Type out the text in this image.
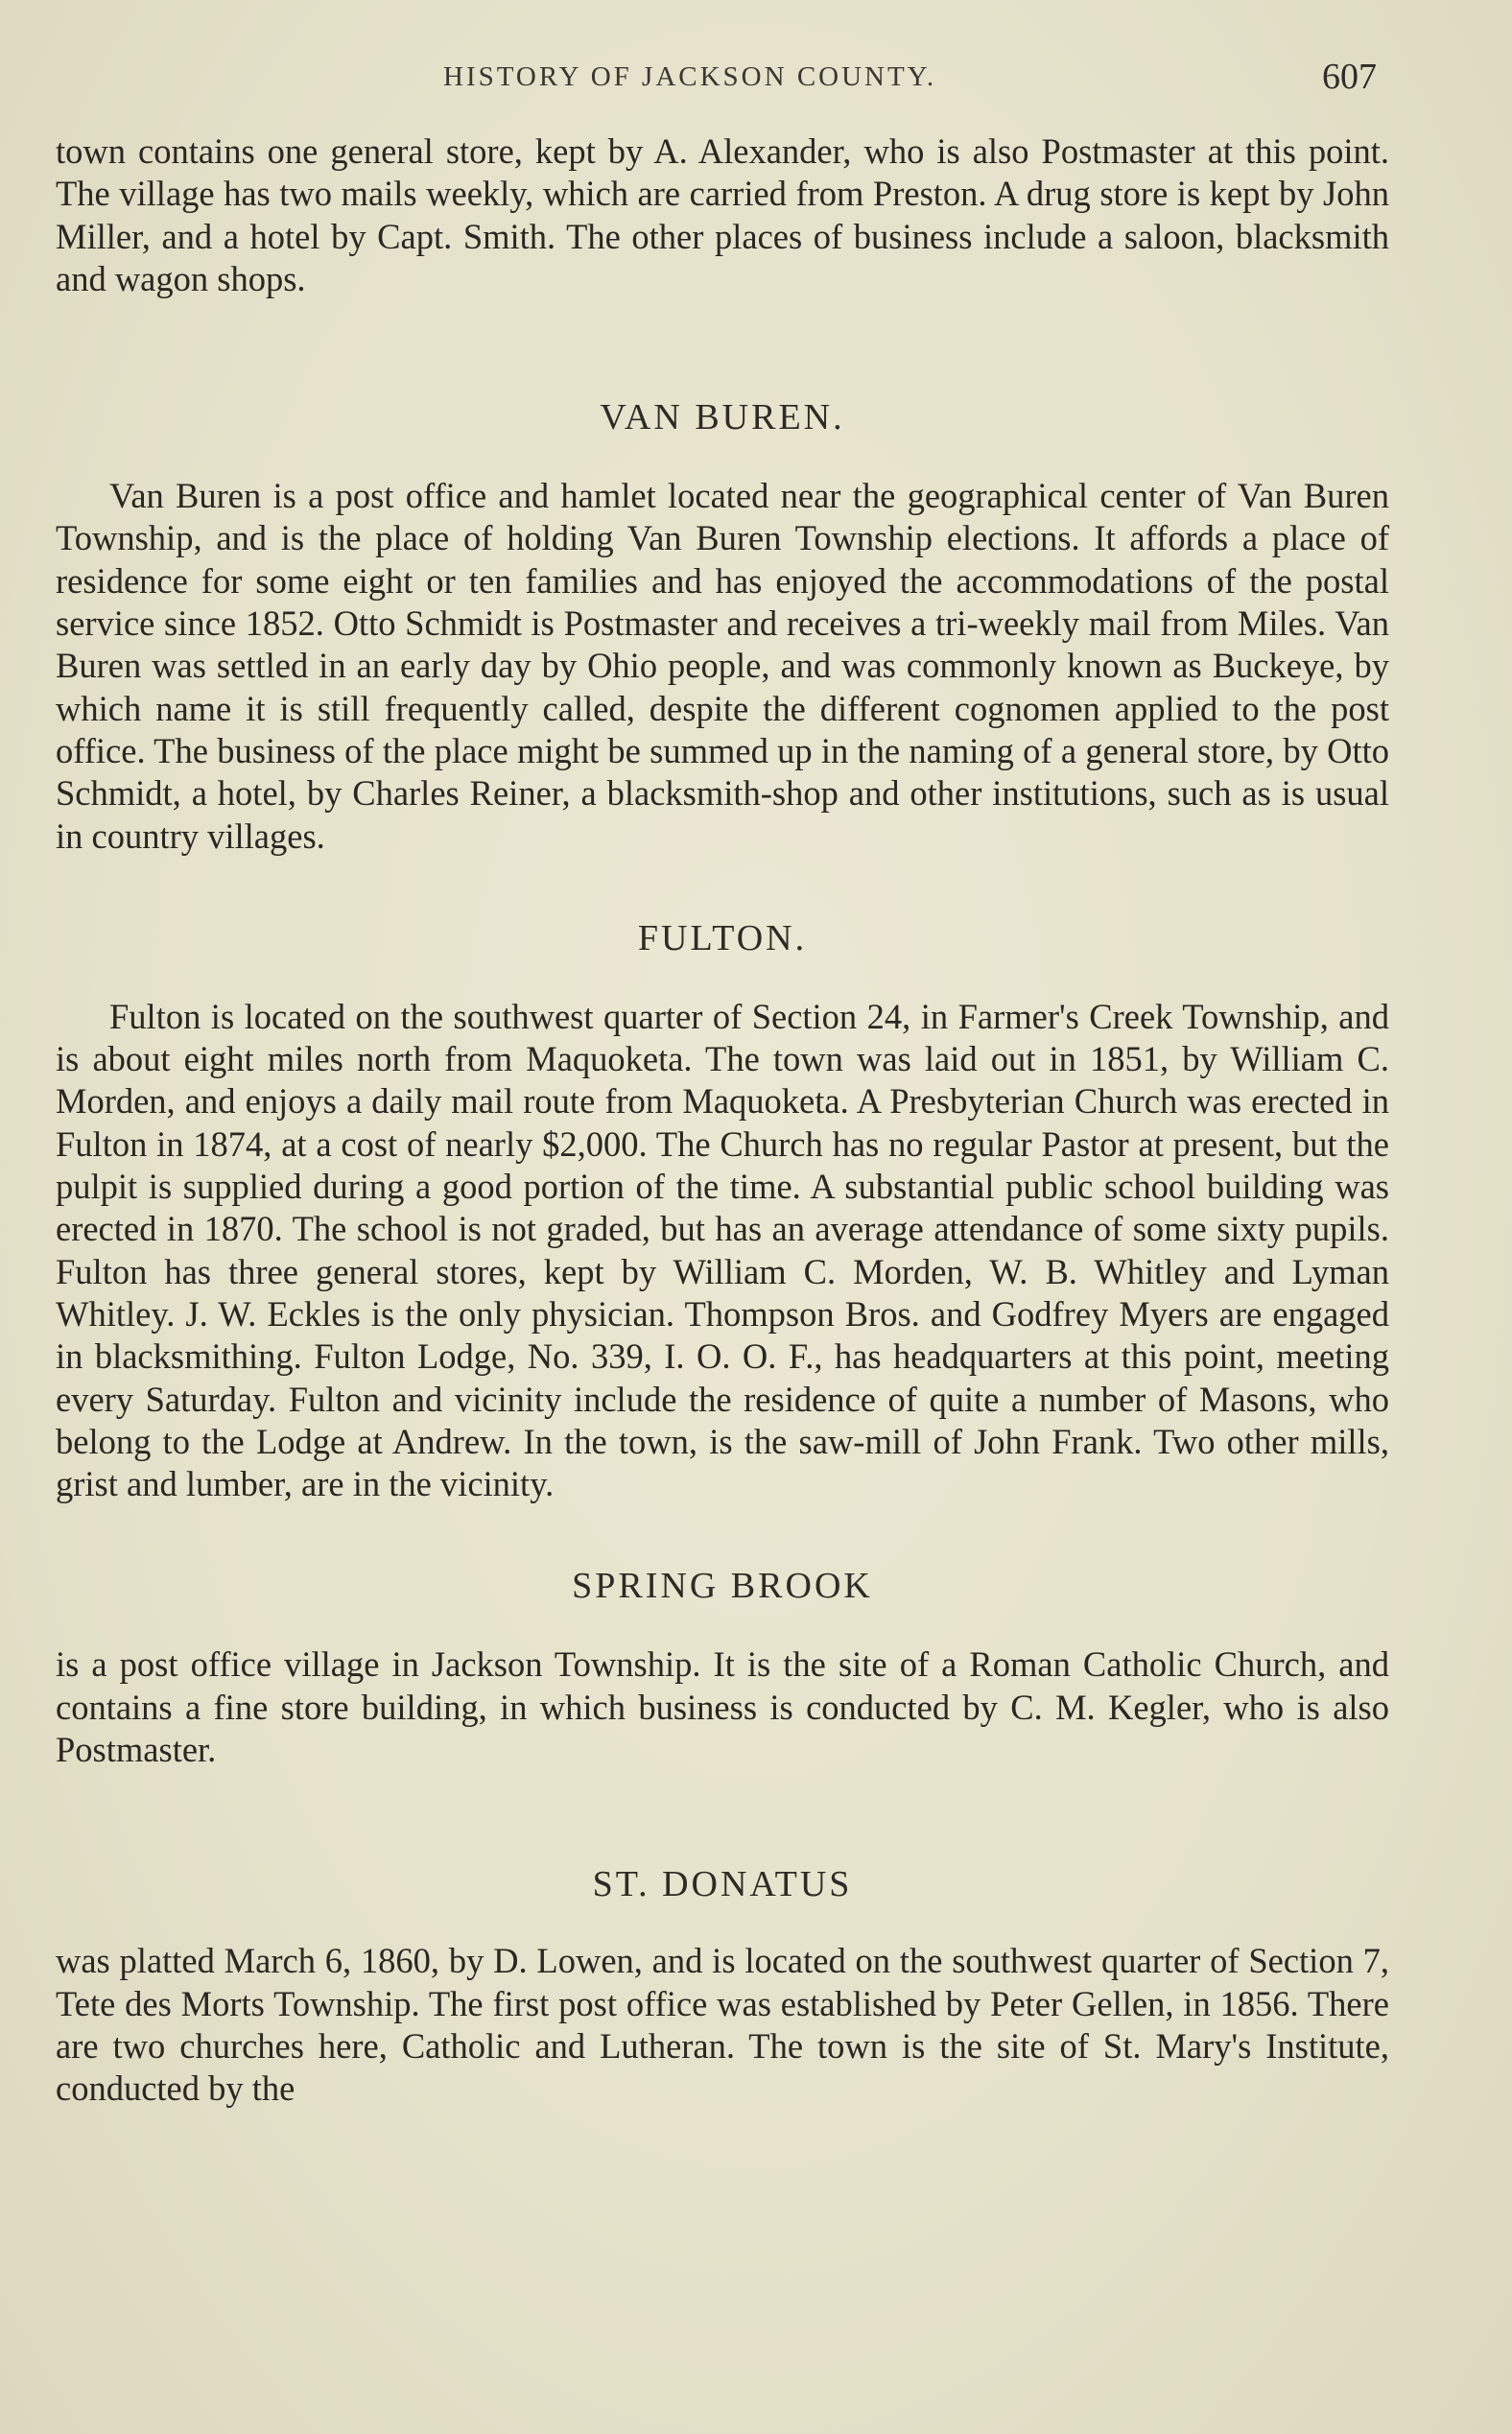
HISTORY OF JACKSON COUNTY.	607

town contains one general store, kept by A. Alexander, who is also Postmaster at this point. The village has two mails weekly, which are carried from Preston. A drug store is kept by John Miller, and a hotel by Capt. Smith. The other places of business include a saloon, blacksmith and wagon shops.

VAN BUREN.

Van Buren is a post office and hamlet located near the geographical center of Van Buren Township, and is the place of holding Van Buren Township elections. It affords a place of residence for some eight or ten families and has enjoyed the accommodations of the postal service since 1852. Otto Schmidt is Postmaster and receives a tri-weekly mail from Miles. Van Buren was settled in an early day by Ohio people, and was commonly known as Buckeye, by which name it is still frequently called, despite the different cognomen applied to the post office. The business of the place might be summed up in the naming of a general store, by Otto Schmidt, a hotel, by Charles Reiner, a blacksmith-shop and other institutions, such as is usual in country villages.

FULTON.

Fulton is located on the southwest quarter of Section 24, in Farmer's Creek Township, and is about eight miles north from Maquoketa. The town was laid out in 1851, by William C. Morden, and enjoys a daily mail route from Maquoketa. A Presbyterian Church was erected in Fulton in 1874, at a cost of nearly $2,000. The Church has no regular Pastor at present, but the pulpit is supplied during a good portion of the time. A substantial public school building was erected in 1870. The school is not graded, but has an average attendance of some sixty pupils. Fulton has three general stores, kept by William C. Morden, W. B. Whitley and Lyman Whitley. J. W. Eckles is the only physician. Thompson Bros. and Godfrey Myers are engaged in blacksmithing. Fulton Lodge, No. 339, I. O. O. F., has headquarters at this point, meeting every Saturday. Fulton and vicinity include the residence of quite a number of Masons, who belong to the Lodge at Andrew. In the town, is the saw-mill of John Frank. Two other mills, grist and lumber, are in the vicinity.

SPRING BROOK

is a post office village in Jackson Township. It is the site of a Roman Catholic Church, and contains a fine store building, in which business is conducted by C. M. Kegler, who is also Postmaster.

ST. DONATUS

was platted March 6, 1860, by D. Lowen, and is located on the southwest quarter of Section 7, Tete des Morts Township. The first post office was established by Peter Gellen, in 1856. There are two churches here, Catholic and Lutheran. The town is the site of St. Mary's Institute, conducted by the
